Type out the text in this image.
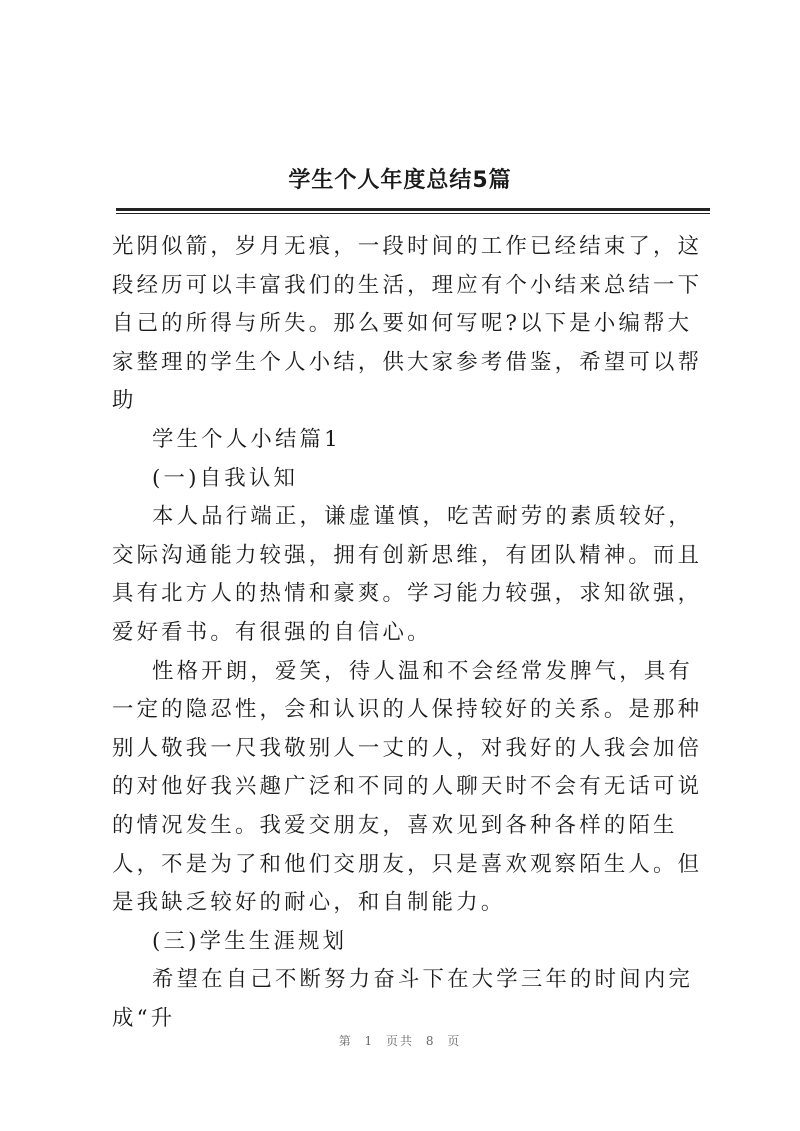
学生个人年度总结5篇

光阴似箭，岁月无痕，一段时间的工作已经结束了，这段经历可以丰富我们的生活，理应有个小结来总结一下自己的所得与所失。那么要如何写呢?以下是小编帮大家整理的学生个人小结，供大家参考借鉴，希望可以帮助

学生个人小结篇1

(一)自我认知

本人品行端正，谦虚谨慎，吃苦耐劳的素质较好，交际沟通能力较强，拥有创新思维，有团队精神。而且具有北方人的热情和豪爽。学习能力较强，求知欲强，爱好看书。有很强的自信心。

性格开朗，爱笑，待人温和不会经常发脾气，具有一定的隐忍性，会和认识的人保持较好的关系。是那种别人敬我一尺我敬别人一丈的人，对我好的人我会加倍的对他好我兴趣广泛和不同的人聊天时不会有无话可说的情况发生。我爱交朋友，喜欢见到各种各样的陌生人，不是为了和他们交朋友，只是喜欢观察陌生人。但是我缺乏较好的耐心，和自制能力。

(三)学生生涯规划

希望在自己不断努力奋斗下在大学三年的时间内完成“升

第 1 页共 8 页
